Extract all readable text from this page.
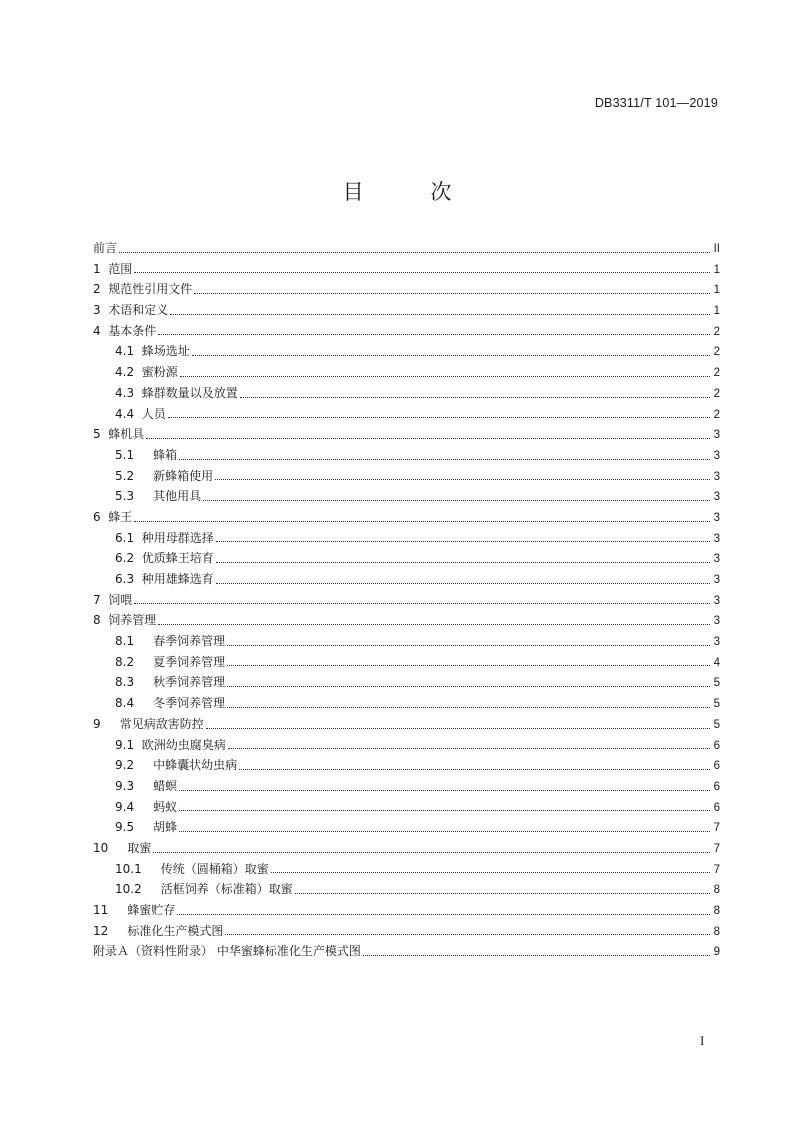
DB3311/T 101—2019
目 次
前言	II
1 范围	1
2 规范性引用文件	1
3 术语和定义	1
4 基本条件	2
4.1 蜂场选址	2
4.2 蜜粉源	2
4.3 蜂群数量以及放置	2
4.4 人员	2
5 蜂机具	3
5.1 蜂箱	3
5.2 新蜂箱使用	3
5.3 其他用具	3
6 蜂王	3
6.1 种用母群选择	3
6.2 优质蜂王培育	3
6.3 种用雄蜂选育	3
7 饲喂	3
8 饲养管理	3
8.1 春季饲养管理	3
8.2 夏季饲养管理	4
8.3 秋季饲养管理	5
8.4 冬季饲养管理	5
9 常见病敌害防控	5
9.1 欧洲幼虫腐臭病	6
9.2 中蜂囊状幼虫病	6
9.3 蜡螟	6
9.4 蚂蚁	6
9.5 胡蜂	7
10 取蜜	7
10.1 传统（圆桶箱）取蜜	7
10.2 活框饲养（标准箱）取蜜	8
11 蜂蜜贮存	8
12 标准化生产模式图	8
附录Ａ（资料性附录） 中华蜜蜂标准化生产模式图	9
I
